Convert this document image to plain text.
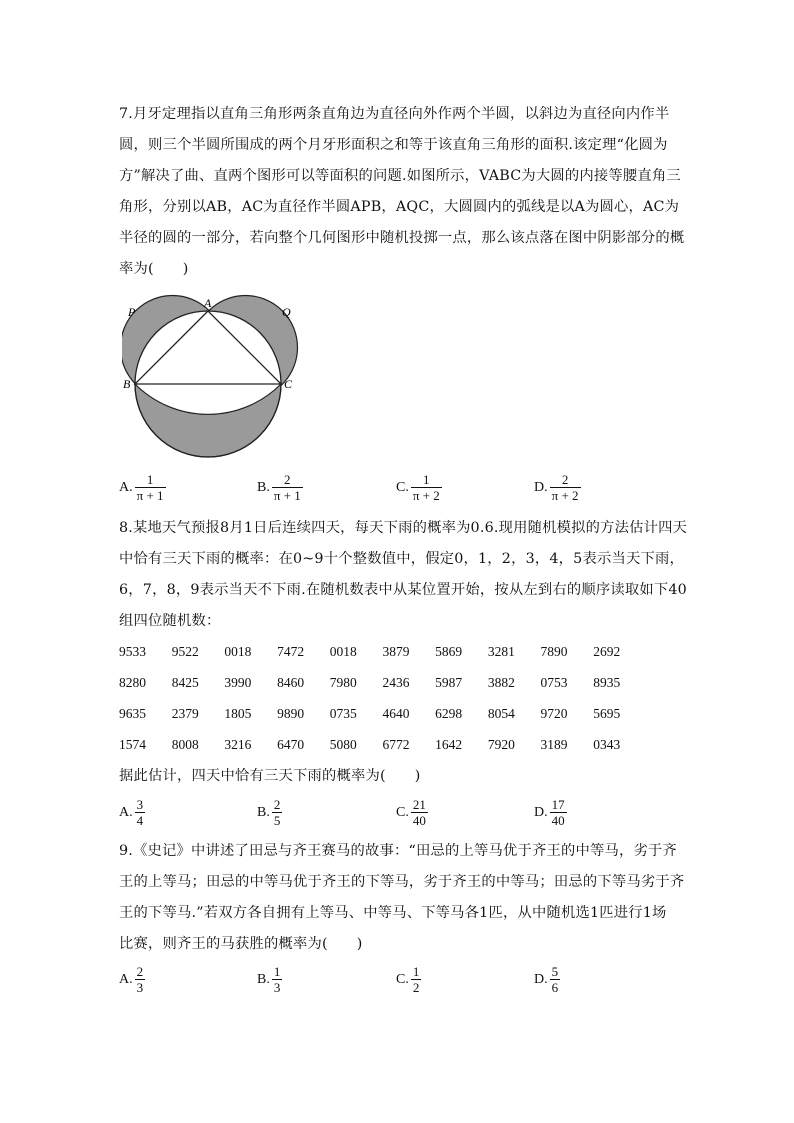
7.月牙定理指以直角三角形两条直角边为直径向外作两个半圆，以斜边为直径向内作半
圆，则三个半圆所围成的两个月牙形面积之和等于该直角三角形的面积.该定理“化圆为
方”解决了曲、直两个图形可以等面积的问题.如图所示，VABC为大圆的内接等腰直角三
角形，分别以AB，AC为直径作半圆APB，AQC，大圆圆内的弧线是以A为圆心，AC为
半径的圆的一部分，若向整个几何图形中随机投掷一点，那么该点落在图中阴影部分的概
率为(　　)
A
B	C
P	Q
A. $\frac{1}{\pi + 1}$	B. $\frac{2}{\pi + 1}$	C. $\frac{1}{\pi + 2}$	D. $\frac{2}{\pi + 2}$
8.某地天气预报8月1日后连续四天，每天下雨的概率为0.6.现用随机模拟的方法估计四天
中恰有三天下雨的概率：在0~9十个整数值中，假定0，1，2，3，4，5表示当天下雨，
6，7，8，9表示当天不下雨.在随机数表中从某位置开始，按从左到右的顺序读取如下40
组四位随机数：
9533 9522 0018 7472 0018 3879 5869 3281 7890 2692
8280 8425 3990 8460 7980 2436 5987 3882 0753 8935
9635 2379 1805 9890 0735 4640 6298 8054 9720 5695
1574 8008 3216 6470 5080 6772 1642 7920 3189 0343
据此估计，四天中恰有三天下雨的概率为(　　)
A. $\frac{3}{4}$	B. $\frac{2}{5}$	C. $\frac{21}{40}$	D. $\frac{17}{40}$
9.《史记》中讲述了田忌与齐王赛马的故事：“田忌的上等马优于齐王的中等马，劣于齐
王的上等马；田忌的中等马优于齐王的下等马，劣于齐王的中等马；田忌的下等马劣于齐
王的下等马.”若双方各自拥有上等马、中等马、下等马各1匹，从中随机选1匹进行1场
比赛，则齐王的马获胜的概率为(　　)
A. $\frac{2}{3}$	B. $\frac{1}{3}$	C. $\frac{1}{2}$	D. $\frac{5}{6}$
